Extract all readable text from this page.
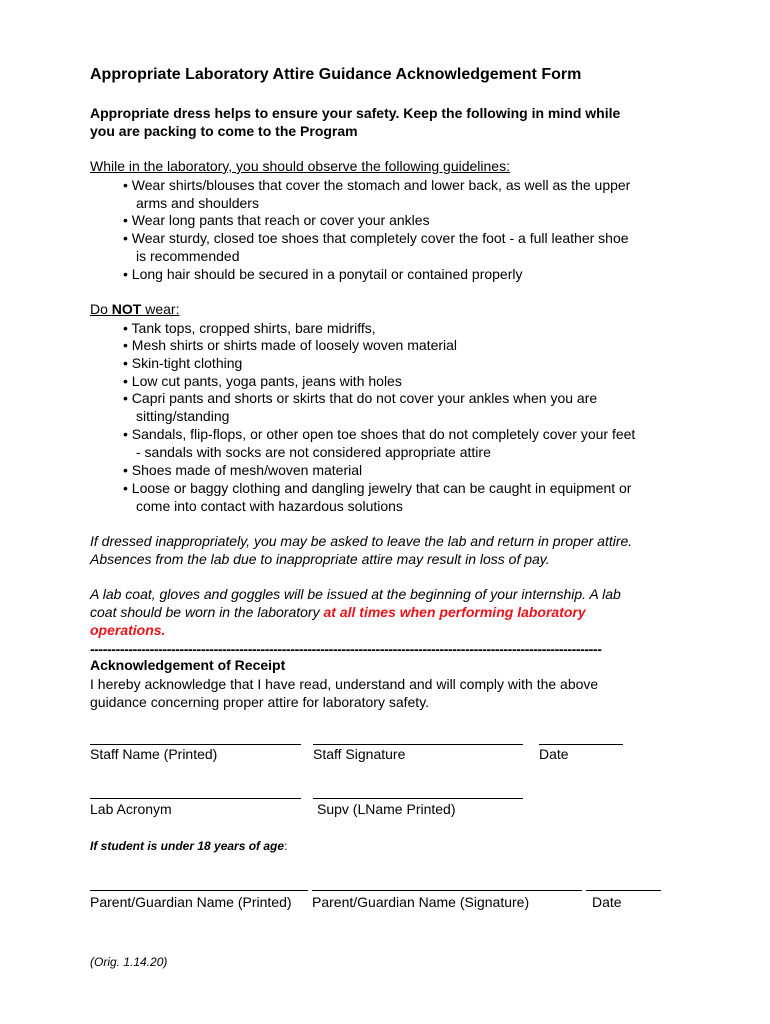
Appropriate Laboratory Attire Guidance Acknowledgement Form
Appropriate dress helps to ensure your safety. Keep the following in mind while
you are packing to come to the Program
While in the laboratory, you should observe the following guidelines:
• Wear shirts/blouses that cover the stomach and lower back, as well as the upper
arms and shoulders
• Wear long pants that reach or cover your ankles
• Wear sturdy, closed toe shoes that completely cover the foot - a full leather shoe
is recommended
• Long hair should be secured in a ponytail or contained properly
Do NOT wear:
• Tank tops, cropped shirts, bare midriffs,
• Mesh shirts or shirts made of loosely woven material
• Skin-tight clothing
• Low cut pants, yoga pants, jeans with holes
• Capri pants and shorts or skirts that do not cover your ankles when you are
sitting/standing
• Sandals, flip-flops, or other open toe shoes that do not completely cover your feet
- sandals with socks are not considered appropriate attire
• Shoes made of mesh/woven material
• Loose or baggy clothing and dangling jewelry that can be caught in equipment or
come into contact with hazardous solutions
If dressed inappropriately, you may be asked to leave the lab and return in proper attire.
Absences from the lab due to inappropriate attire may result in loss of pay.
A lab coat, gloves and goggles will be issued at the beginning of your internship. A lab
coat should be worn in the laboratory at all times when performing laboratory
operations.
------------------------------------------------------------------------------------------------------------------------
Acknowledgement of Receipt
I hereby acknowledge that I have read, understand and will comply with the above
guidance concerning proper attire for laboratory safety.
Staff Name (Printed)	Staff Signature	Date
Lab Acronym	Supv (LName Printed)
If student is under 18 years of age:
Parent/Guardian Name (Printed) Parent/Guardian Name (Signature)	Date
(Orig. 1.14.20)
